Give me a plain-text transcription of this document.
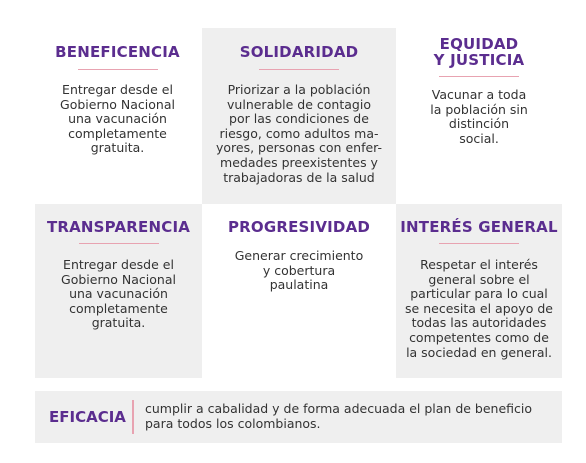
BENEFICENCIA
Entregar desde el
Gobierno Nacional
una vacunación
completamente
gratuita.
SOLIDARIDAD
Priorizar a la población
vulnerable de contagio
por las condiciones de
riesgo, como adultos ma-
yores, personas con enfer-
medades preexistentes y
trabajadoras de la salud
EQUIDAD
Y JUSTICIA
Vacunar a toda
la población sin
distinción
social.
TRANSPARENCIA
Entregar desde el
Gobierno Nacional
una vacunación
completamente
gratuita.
PROGRESIVIDAD
Generar crecimiento
y cobertura
paulatina
INTERÉS GENERAL
Respetar el interés
general sobre el
particular para lo cual
se necesita el apoyo de
todas las autoridades
competentes como de
la sociedad en general.
EFICACIA cumplir a cabalidad y de forma adecuada el plan de beneficio para todos los colombianos.
